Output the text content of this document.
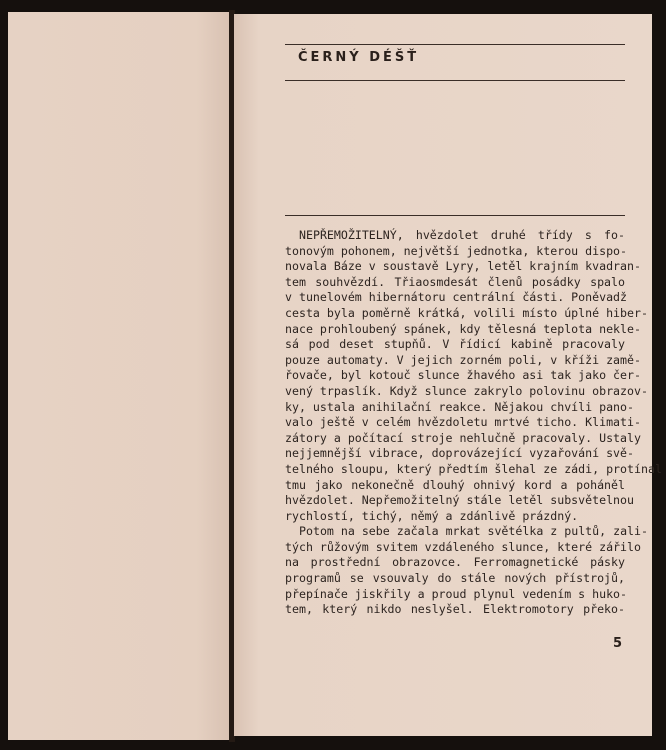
ČERNÝ DÉŠŤ
NEPŘEMOŽITELNÝ, hvězdolet druhé třídy s fo-
tonovým pohonem, největší jednotka, kterou dispo-
novala Báze v soustavě Lyry, letěl krajním kvadran-
tem souhvězdí. Třiaosmdesát členů posádky spalo
v tunelovém hibernátoru centrální části. Poněvadž
cesta byla poměrně krátká, volili místo úplné hiber-
nace prohloubený spánek, kdy tělesná teplota nekle-
sá pod deset stupňů. V řídicí kabině pracovaly
pouze automaty. V jejich zorném poli, v kříži zamě-
řovače, byl kotouč slunce žhavého asi tak jako čer-
vený trpaslík. Když slunce zakrylo polovinu obrazov-
ky, ustala anihilační reakce. Nějakou chvíli pano-
valo ještě v celém hvězdoletu mrtvé ticho. Klimati-
zátory a počítací stroje nehlučně pracovaly. Ustaly
nejjemnější vibrace, doprovázející vyzařování svě-
telného sloupu, který předtím šlehal ze zádi, protínal
tmu jako nekonečně dlouhý ohnivý kord a poháněl
hvězdolet. Nepřemožitelný stále letěl subsvětelnou
rychlostí, tichý, němý a zdánlivě prázdný.
Potom na sebe začala mrkat světélka z pultů, zali-
tých růžovým svitem vzdáleného slunce, které zářilo
na prostřední obrazovce. Ferromagnetické pásky
programů se vsouvaly do stále nových přístrojů,
přepínače jiskřily a proud plynul vedením s huko-
tem, který nikdo neslyšel. Elektromotory překo-
5
